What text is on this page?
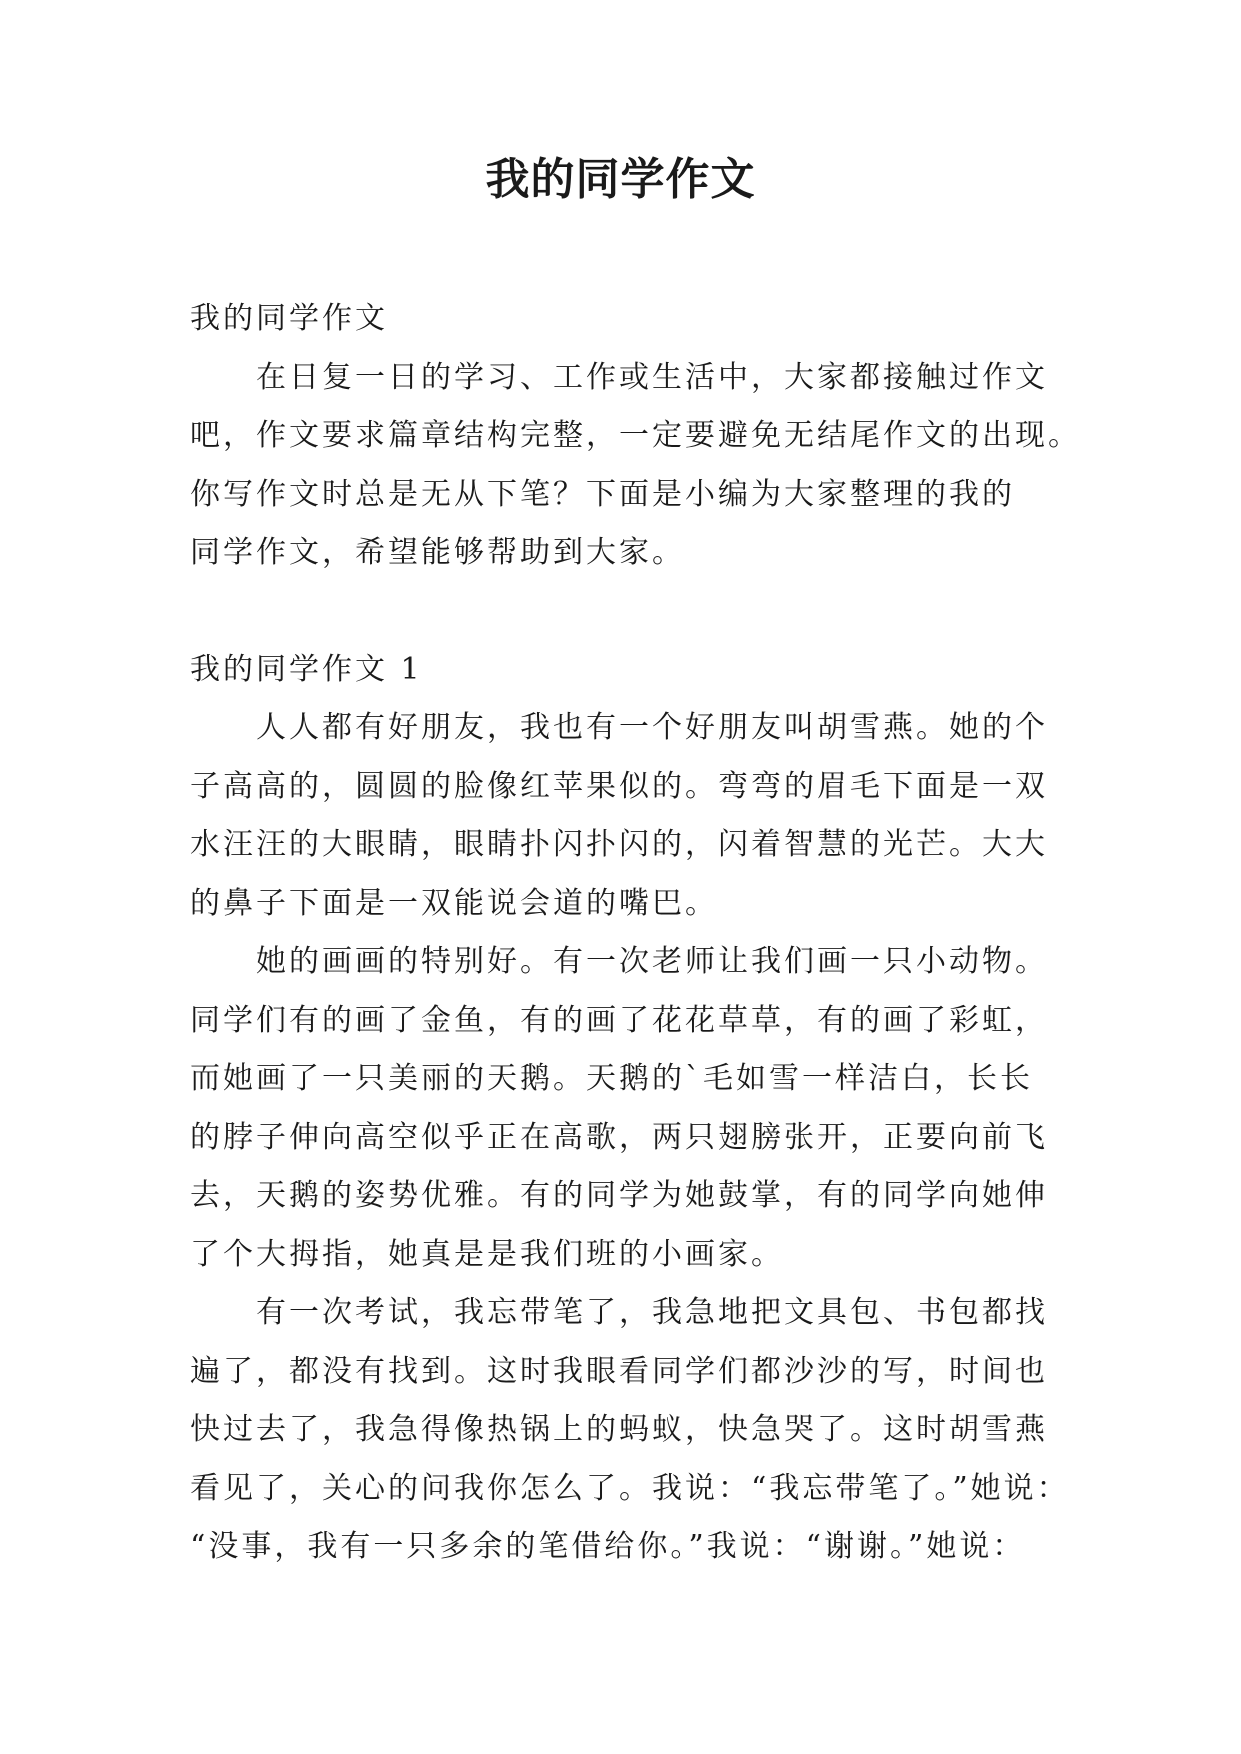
我的同学作文
我的同学作文
在日复一日的学习、工作或生活中，大家都接触过作文
吧，作文要求篇章结构完整，一定要避免无结尾作文的出现。
你写作文时总是无从下笔？下面是小编为大家整理的我的
同学作文，希望能够帮助到大家。
我的同学作文 1
人人都有好朋友，我也有一个好朋友叫胡雪燕。她的个
子高高的，圆圆的脸像红苹果似的。弯弯的眉毛下面是一双
水汪汪的大眼睛，眼睛扑闪扑闪的，闪着智慧的光芒。大大
的鼻子下面是一双能说会道的嘴巴。
她的画画的特别好。有一次老师让我们画一只小动物。
同学们有的画了金鱼，有的画了花花草草，有的画了彩虹，
而她画了一只美丽的天鹅。天鹅的`毛如雪一样洁白，长长
的脖子伸向高空似乎正在高歌，两只翅膀张开，正要向前飞
去，天鹅的姿势优雅。有的同学为她鼓掌，有的同学向她伸
了个大拇指，她真是是我们班的小画家。
有一次考试，我忘带笔了，我急地把文具包、书包都找
遍了，都没有找到。这时我眼看同学们都沙沙的写，时间也
快过去了，我急得像热锅上的蚂蚁，快急哭了。这时胡雪燕
看见了，关心的问我你怎么了。我说：“我忘带笔了。”她说：
“没事，我有一只多余的笔借给你。”我说：“谢谢。”她说：
